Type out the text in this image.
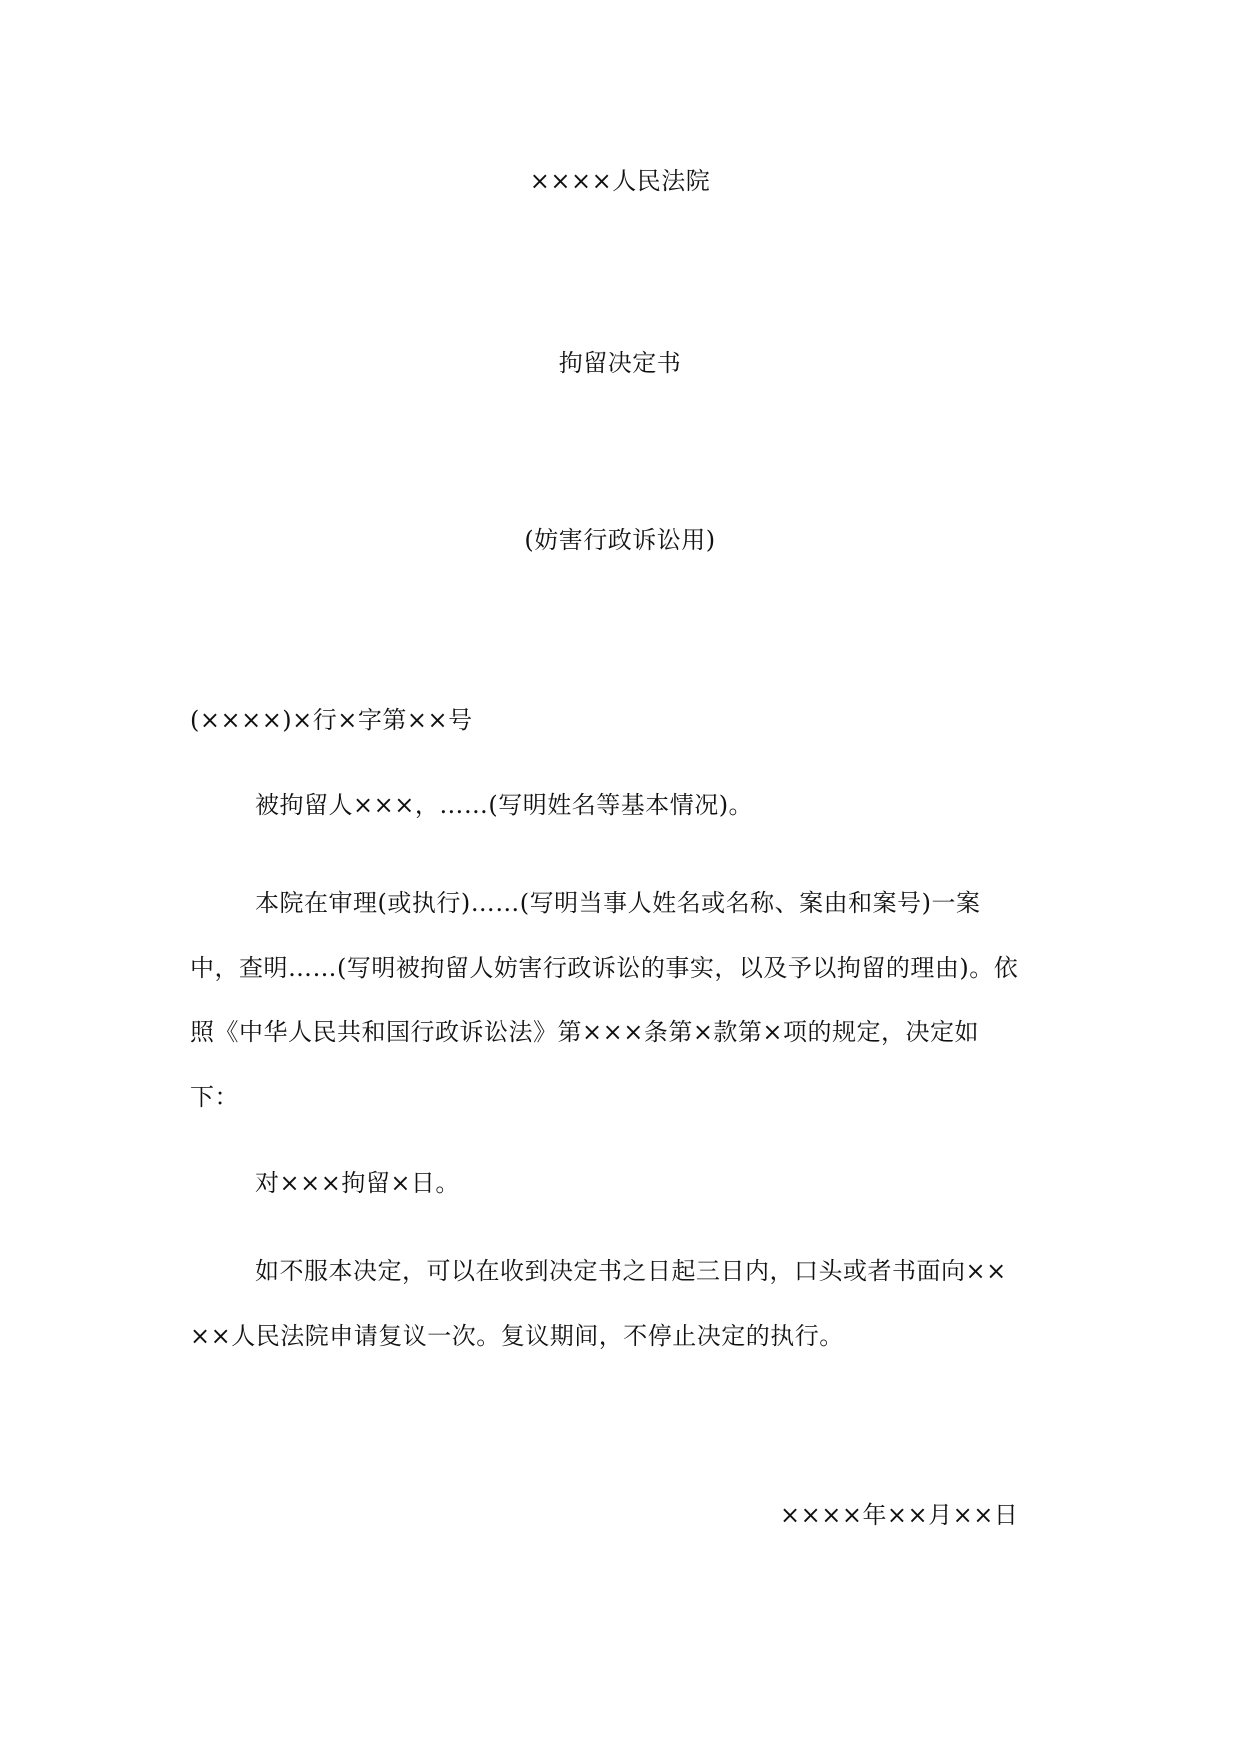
××××人民法院
拘留决定书
(妨害行政诉讼用)
(××××)×行×字第××号
被拘留人×××，……(写明姓名等基本情况)。
本院在审理(或执行)……(写明当事人姓名或名称、案由和案号)一案
中，查明……(写明被拘留人妨害行政诉讼的事实，以及予以拘留的理由)。依
照《中华人民共和国行政诉讼法》第×××条第×款第×项的规定，决定如
下：
对×××拘留×日。
如不服本决定，可以在收到决定书之日起三日内，口头或者书面向××
××人民法院申请复议一次。复议期间，不停止决定的执行。
××××年××月××日
